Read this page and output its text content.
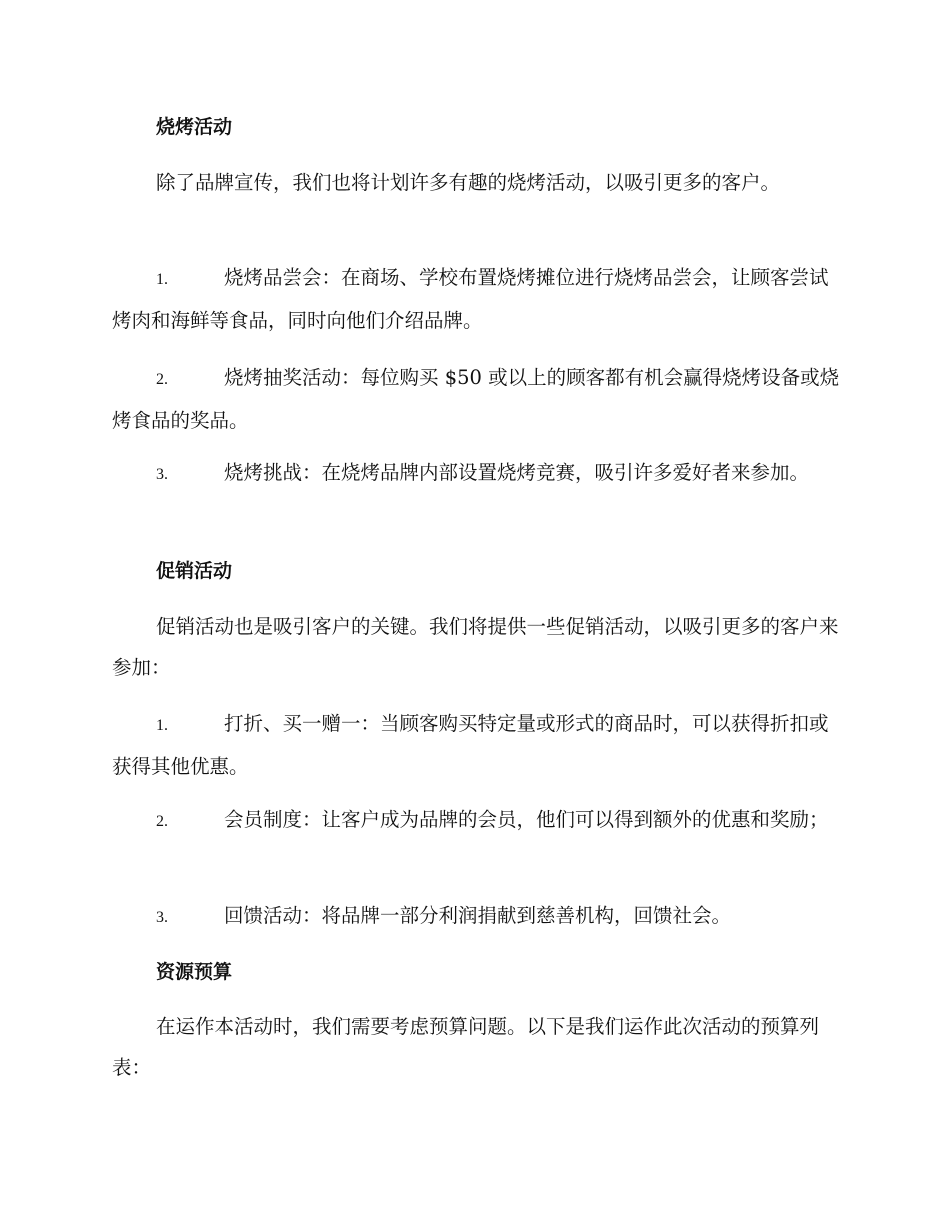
烧烤活动

除了品牌宣传，我们也将计划许多有趣的烧烤活动，以吸引更多的客户。

1.	烧烤品尝会：在商场、学校布置烧烤摊位进行烧烤品尝会，让顾客尝试烤肉和海鲜等食品，同时向他们介绍品牌。

2.	烧烤抽奖活动：每位购买 $50 或以上的顾客都有机会赢得烧烤设备或烧烤食品的奖品。

3.	烧烤挑战：在烧烤品牌内部设置烧烤竞赛，吸引许多爱好者来参加。

促销活动

促销活动也是吸引客户的关键。我们将提供一些促销活动，以吸引更多的客户来参加：

1.	打折、买一赠一：当顾客购买特定量或形式的商品时，可以获得折扣或获得其他优惠。

2.	会员制度：让客户成为品牌的会员，他们可以得到额外的优惠和奖励；

3.	回馈活动：将品牌一部分利润捐献到慈善机构，回馈社会。

资源预算

在运作本活动时，我们需要考虑预算问题。以下是我们运作此次活动的预算列表：
